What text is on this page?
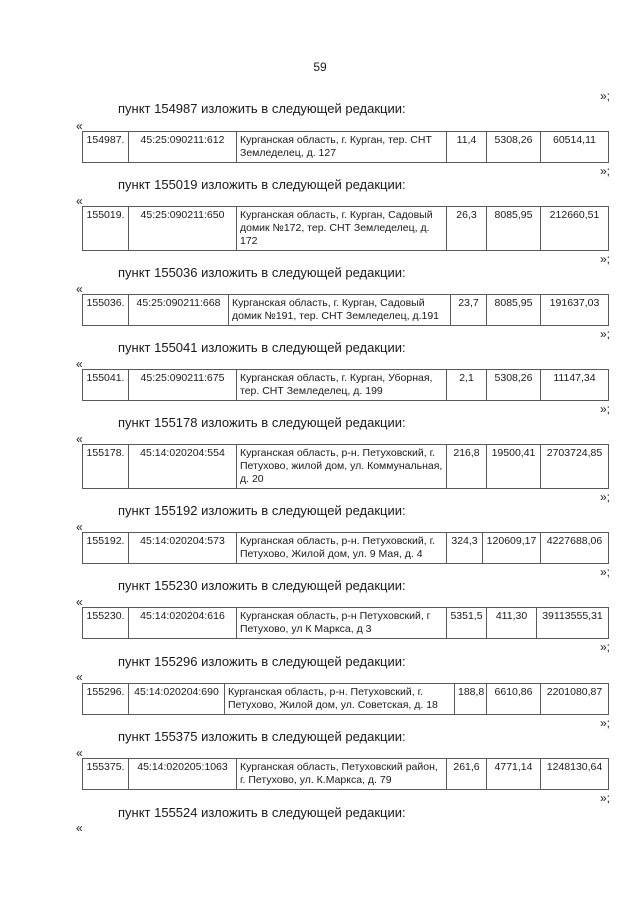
59
»;
пункт 154987 изложить в следующей редакции:
«
154987.	45:25:090211:612	Курганская область, г. Курган, тер. СНТ Земледелец, д. 127	11,4	5308,26	60514,11
»;
пункт 155019 изложить в следующей редакции:
«
155019.	45:25:090211:650	Курганская область, г. Курган, Садовый домик №172, тер. СНТ Земледелец, д. 172	26,3	8085,95	212660,51
»;
пункт 155036 изложить в следующей редакции:
«
155036.	45:25:090211:668	Курганская область, г. Курган, Садовый домик №191, тер. СНТ Земледелец, д.191	23,7	8085,95	191637,03
»;
пункт 155041 изложить в следующей редакции:
«
155041.	45:25:090211:675	Курганская область, г. Курган, Уборная, тер. СНТ Земледелец, д. 199	2,1	5308,26	11147,34
»;
пункт 155178 изложить в следующей редакции:
«
155178.	45:14:020204:554	Курганская область, р-н. Петуховский, г. Петухово, жилой дом, ул. Коммунальная, д. 20	216,8	19500,41	2703724,85
»;
пункт 155192 изложить в следующей редакции:
«
155192.	45:14:020204:573	Курганская область, р-н. Петуховский, г. Петухово, Жилой дом, ул. 9 Мая, д. 4	324,3	120609,17	4227688,06
»;
пункт 155230 изложить в следующей редакции:
«
155230.	45:14:020204:616	Курганская область, р-н Петуховский, г Петухово, ул К Маркса, д 3	5351,5	411,30	39113555,31
»;
пункт 155296 изложить в следующей редакции:
«
155296.	45:14:020204:690	Курганская область, р-н. Петуховский, г. Петухово, Жилой дом, ул. Советская, д. 18	188,8	6610,86	2201080,87
»;
пункт 155375 изложить в следующей редакции:
«
155375.	45:14:020205:1063	Курганская область, Петуховский район, г. Петухово, ул. К.Маркса, д. 79	261,6	4771,14	1248130,64
»;
пункт 155524 изложить в следующей редакции:
«
